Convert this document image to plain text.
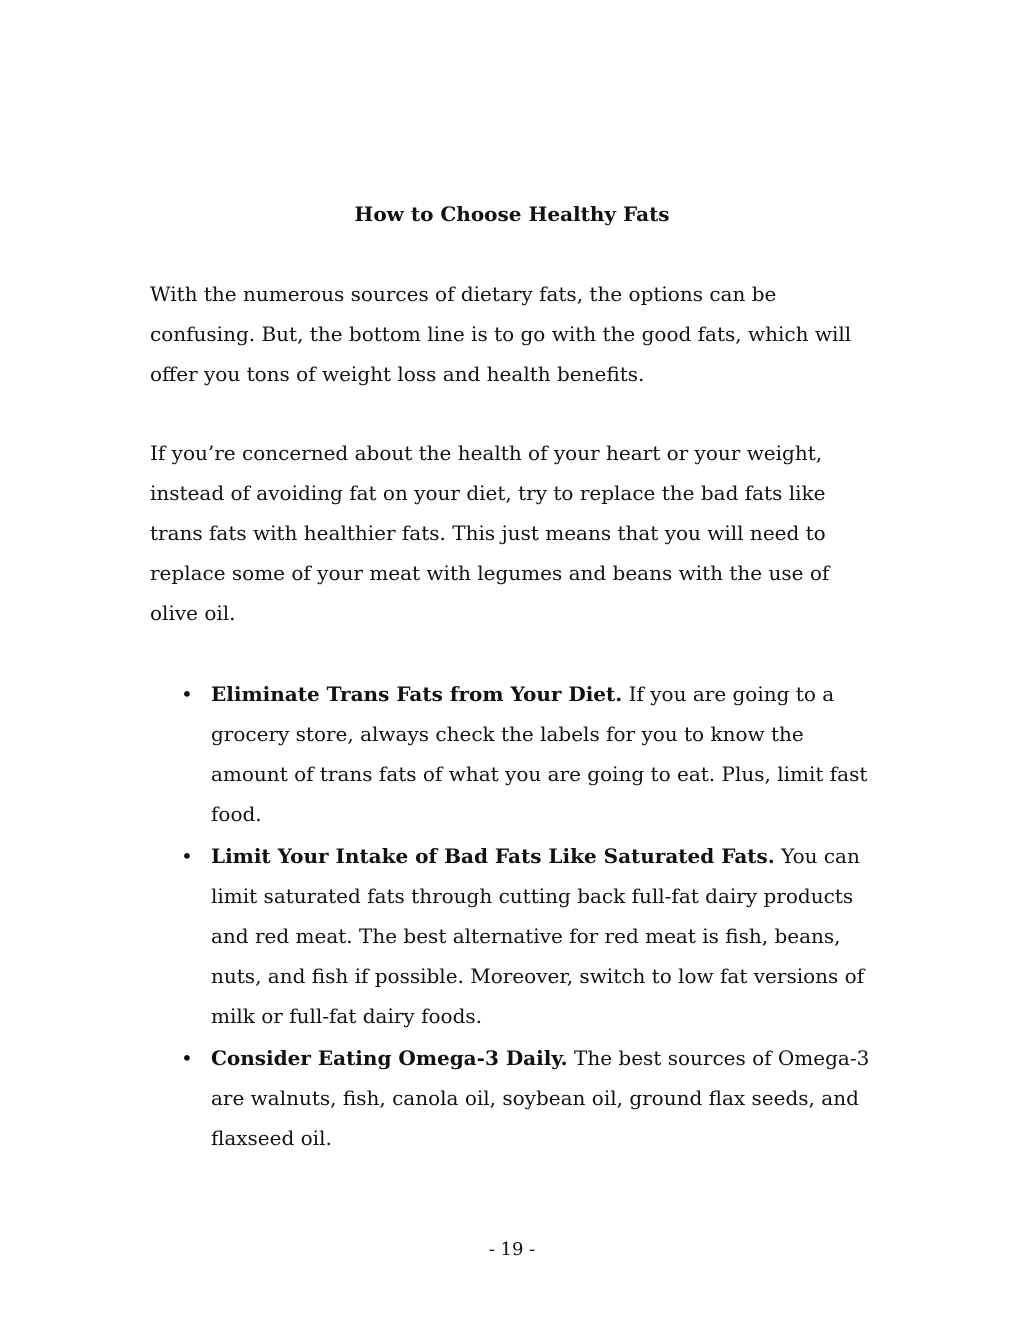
How to Choose Healthy Fats

With the numerous sources of dietary fats, the options can be confusing. But, the bottom line is to go with the good fats, which will offer you tons of weight loss and health benefits.

If you’re concerned about the health of your heart or your weight, instead of avoiding fat on your diet, try to replace the bad fats like trans fats with healthier fats. This just means that you will need to replace some of your meat with legumes and beans with the use of olive oil.

• Eliminate Trans Fats from Your Diet. If you are going to a grocery store, always check the labels for you to know the amount of trans fats of what you are going to eat. Plus, limit fast food.
• Limit Your Intake of Bad Fats Like Saturated Fats. You can limit saturated fats through cutting back full-fat dairy products and red meat. The best alternative for red meat is fish, beans, nuts, and fish if possible. Moreover, switch to low fat versions of milk or full-fat dairy foods.
• Consider Eating Omega-3 Daily. The best sources of Omega-3 are walnuts, fish, canola oil, soybean oil, ground flax seeds, and flaxseed oil.
- 19 -
